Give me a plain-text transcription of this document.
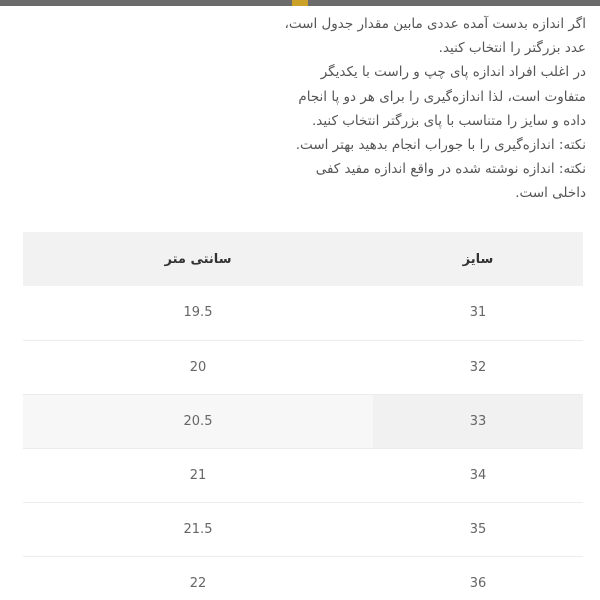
اگر اندازه بدست آمده عددی مابین مقدار جدول است،

عدد بزرگتر را انتخاب کنید.

در اغلب افراد اندازه پای چپ و راست با یکدیگر

متفاوت است، لذا اندازه‌گیری را برای هر دو پا انجام

داده و سایز را متناسب با پای بزرگتر انتخاب کنید.

نکته: اندازه‌گیری را با جوراب انجام بدهید بهتر است.

نکته: اندازه نوشته شده در واقع اندازه مفید کفی

داخلی است.

سایز	سانتی متر
31	19.5
32	20
33	20.5
34	21
35	21.5
36	22
